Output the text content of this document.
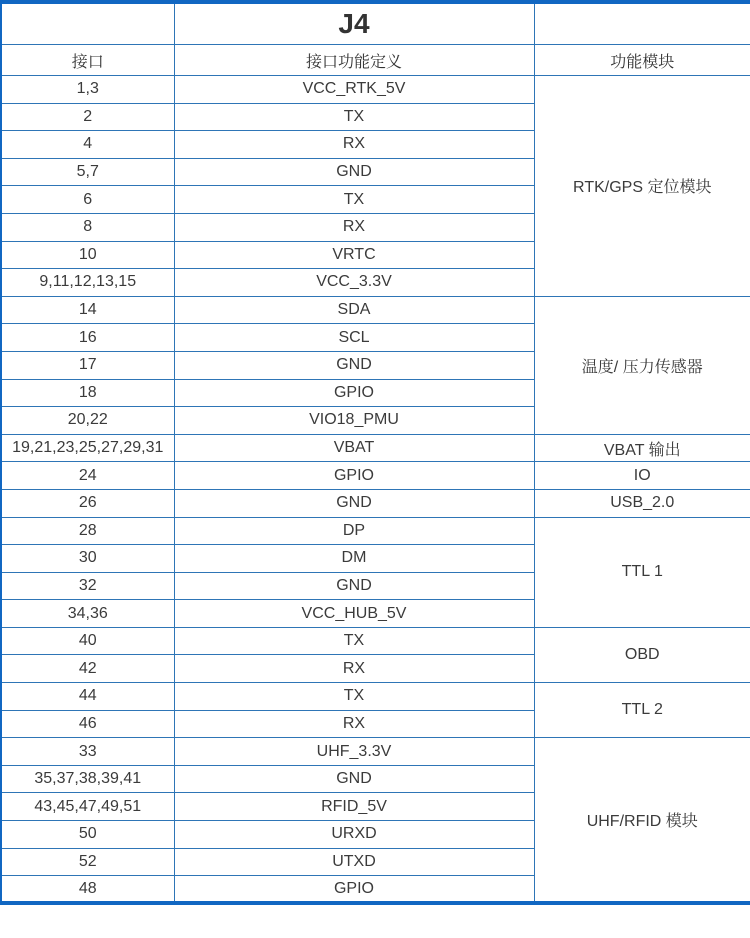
	J4	
接口	接口功能定义	功能模块
1,3	VCC_RTK_5V	RTK/GPS 定位模块
2	TX	
4	RX	
5,7	GND	
6	TX	
8	RX	
10	VRTC	
9,11,12,13,15	VCC_3.3V	
14	SDA	温度/ 压力传感器
16	SCL	
17	GND	
18	GPIO	
20,22	VIO18_PMU	
19,21,23,25,27,29,31	VBAT	VBAT 输出
24	GPIO	IO
26	GND	USB_2.0
28	DP	TTL 1
30	DM	
32	GND	
34,36	VCC_HUB_5V	
40	TX	OBD
42	RX	
44	TX	TTL 2
46	RX	
33	UHF_3.3V	UHF/RFID 模块
35,37,38,39,41	GND	
43,45,47,49,51	RFID_5V	
50	URXD	
52	UTXD	
48	GPIO	
